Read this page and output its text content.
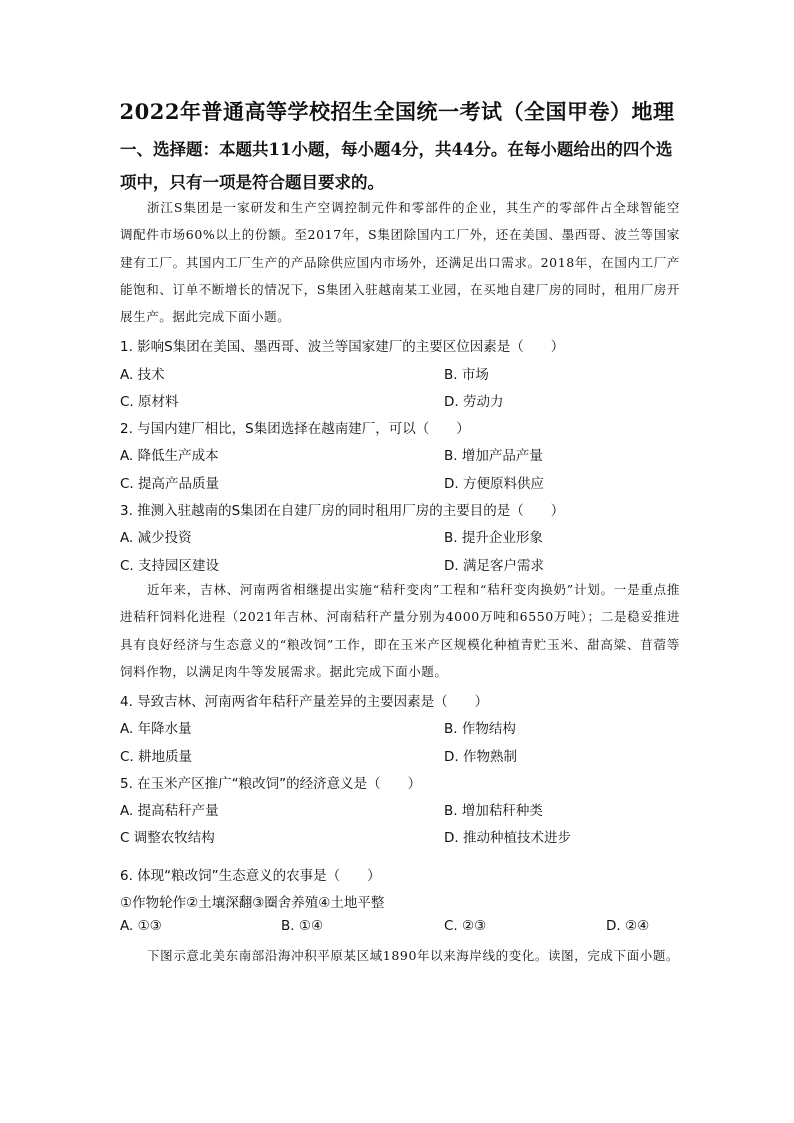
2022年普通高等学校招生全国统一考试（全国甲卷）地理
一、选择题：本题共11小题，每小题4分，共44分。在每小题给出的四个选
项中，只有一项是符合题目要求的。
浙江S集团是一家研发和生产空调控制元件和零部件的企业，其生产的零部件占全球智能空调配件市场60%以上的份额。至2017年，S集团除国内工厂外，还在美国、墨西哥、波兰等国家建有工厂。其国内工厂生产的产品除供应国内市场外，还满足出口需求。2018年，在国内工厂产能饱和、订单不断增长的情况下，S集团入驻越南某工业园，在买地自建厂房的同时，租用厂房开展生产。据此完成下面小题。
1. 影响S集团在美国、墨西哥、波兰等国家建厂的主要区位因素是（　　）
A. 技术	B. 市场
C. 原材料	D. 劳动力
2. 与国内建厂相比，S集团选择在越南建厂，可以（　　）
A. 降低生产成本	B. 增加产品产量
C. 提高产品质量	D. 方便原料供应
3. 推测入驻越南的S集团在自建厂房的同时租用厂房的主要目的是（　　）
A. 减少投资	B. 提升企业形象
C. 支持园区建设	D. 满足客户需求
近年来，吉林、河南两省相继提出实施“秸秆变肉”工程和“秸秆变肉换奶”计划。一是重点推进秸秆饲料化进程（2021年吉林、河南秸秆产量分别为4000万吨和6550万吨）；二是稳妥推进具有良好经济与生态意义的“粮改饲”工作，即在玉米产区规模化种植青贮玉米、甜高粱、苜蓿等饲料作物，以满足肉牛等发展需求。据此完成下面小题。
4. 导致吉林、河南两省年秸秆产量差异的主要因素是（　　）
A. 年降水量	B. 作物结构
C. 耕地质量	D. 作物熟制
5. 在玉米产区推广“粮改饲”的经济意义是（　　）
A. 提高秸秆产量	B. 增加秸秆种类
C 调整农牧结构	D. 推动种植技术进步
6. 体现“粮改饲”生态意义的农事是（　　）
①作物轮作②土壤深翻③圈舍养殖④土地平整
A. ①③	B. ①④	C. ②③	D. ②④
下图示意北美东南部沿海冲积平原某区域1890年以来海岸线的变化。读图，完成下面小题。
